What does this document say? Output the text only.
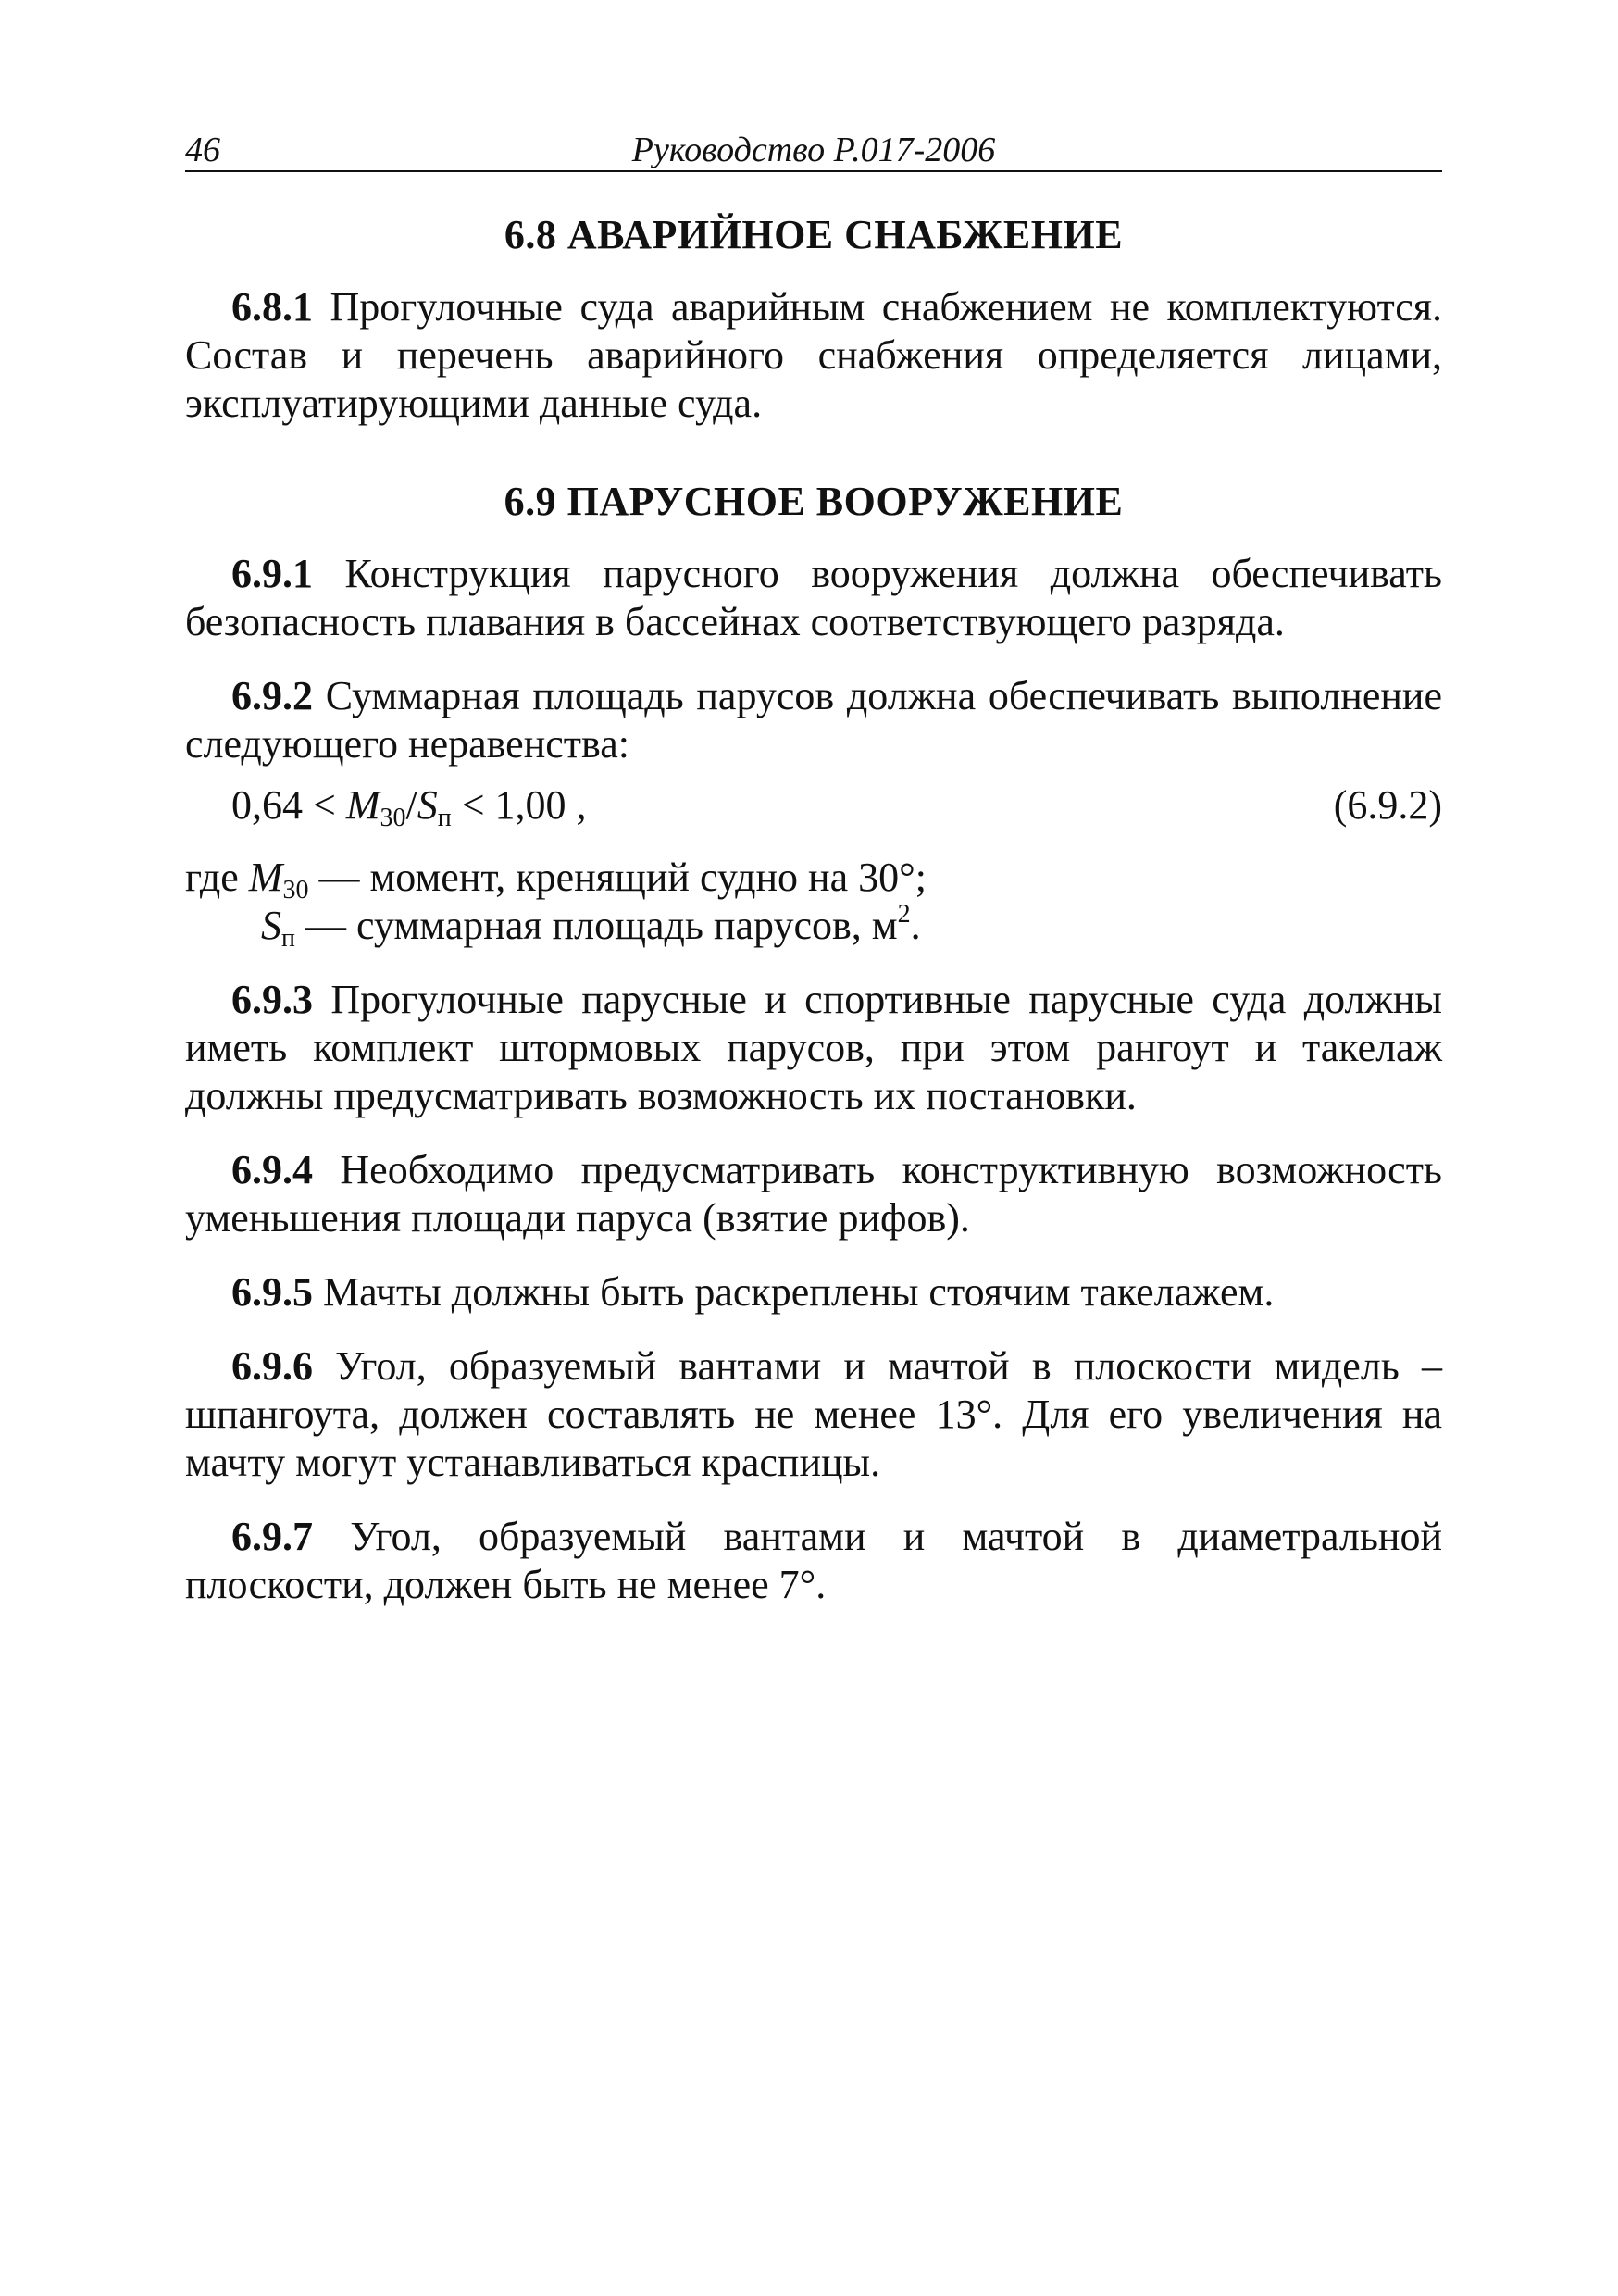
46	Руководство Р.017-2006
6.8 АВАРИЙНОЕ СНАБЖЕНИЕ

6.8.1 Прогулочные суда аварийным снабжением не комплектуются. Состав и перечень аварийного снабжения определяется лицами, эксплуатирующими данные суда.

6.9 ПАРУСНОЕ ВООРУЖЕНИЕ

6.9.1 Конструкция парусного вооружения должна обеспечивать безопасность плавания в бассейнах соответствующего разряда.

6.9.2 Суммарная площадь парусов должна обеспечивать выполнение следующего неравенства:

$0,64 < M_{30}/S_п < 1,00$ ,	(6.9.2)
где $M_{30}$ — момент, кренящий судно на 30°;
$S_п$ — суммарная площадь парусов, $м^2$.

6.9.3 Прогулочные парусные и спортивные парусные суда должны иметь комплект штормовых парусов, при этом рангоут и такелаж должны предусматривать возможность их постановки.

6.9.4 Необходимо предусматривать конструктивную возможность уменьшения площади паруса (взятие рифов).

6.9.5 Мачты должны быть раскреплены стоячим такелажем.

6.9.6 Угол, образуемый вантами и мачтой в плоскости мидель – шпангоута, должен составлять не менее 13°. Для его увеличения на мачту могут устанавливаться краспицы.

6.9.7 Угол, образуемый вантами и мачтой в диаметральной плоскости, должен быть не менее 7°.
